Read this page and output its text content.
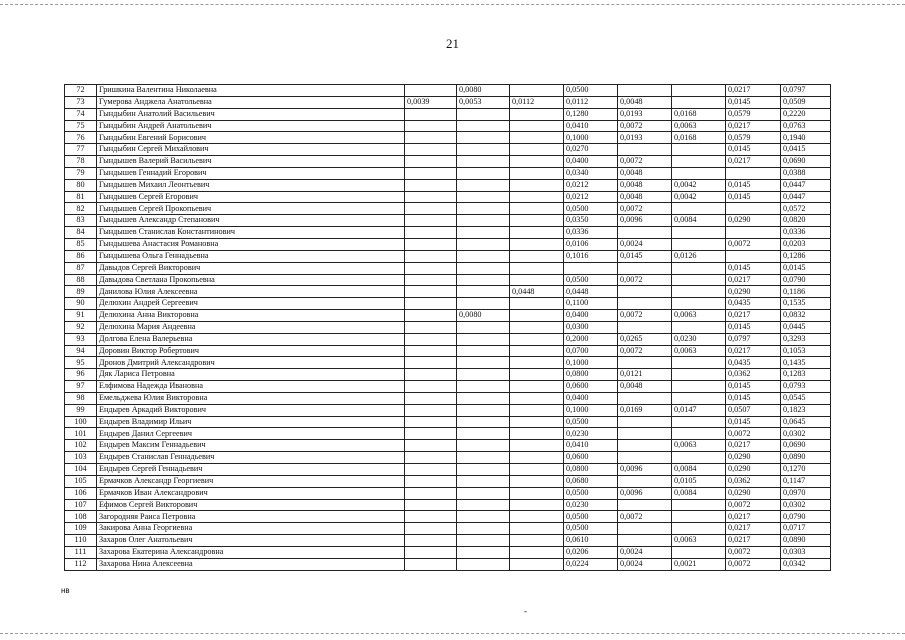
21
72	Гришкина Валентина Николаевна		0,0080		0,0500			0,0217	0,0797
73	Гумерова Анджела Анатольевна	0,0039	0,0053	0,0112	0,0112	0,0048		0,0145	0,0509
74	Гындыбин Анатолий Васильевич				0,1280	0,0193	0,0168	0,0579	0,2220
75	Гындыбин Андрей Анатольевич				0,0410	0,0072	0,0063	0,0217	0,0763
76	Гындыбин Евгений Борисович				0,1000	0,0193	0,0168	0,0579	0,1940
77	Гындыбин Сергей Михайлович				0,0270			0,0145	0,0415
78	Гындышев Валерий Васильевич				0,0400	0,0072		0,0217	0,0690
79	Гындышев Геннадий Егорович				0,0340	0,0048			0,0388
80	Гындышев Михаил Леонтьевич				0,0212	0,0048	0,0042	0,0145	0,0447
81	Гындышев Сергей Егорович				0,0212	0,0048	0,0042	0,0145	0,0447
82	Гындышев Сергей Прокопьевич				0,0500	0,0072			0,0572
83	Гындышев Александр Степанович				0,0350	0,0096	0,0084	0,0290	0,0820
84	Гындышев Станислав Константинович				0,0336				0,0336
85	Гындышева Анастасия Романовна				0,0106	0,0024		0,0072	0,0203
86	Гындышева Ольга Геннадьевна				0,1016	0,0145	0,0126		0,1286
87	Давыдов Сергей Викторович							0,0145	0,0145
88	Давыдова Светлана Прокопьевна				0,0500	0,0072		0,0217	0,0790
89	Данилова Юлия Алексеевна			0,0448	0,0448			0,0290	0,1186
90	Делюхин Андрей Сергеевич				0,1100			0,0435	0,1535
91	Делюхина Анна Викторовна		0,0080		0,0400	0,0072	0,0063	0,0217	0,0832
92	Делюхина Мария Андеевна				0,0300			0,0145	0,0445
93	Долгова Елена Валерьевна				0,2000	0,0265	0,0230	0,0797	0,3293
94	Доровин Виктор Робертович				0,0700	0,0072	0,0063	0,0217	0,1053
95	Дронов Дмитрий Александрович				0,1000			0,0435	0,1435
96	Дяк Лариса Петровна				0,0800	0,0121		0,0362	0,1283
97	Елфимова Надежда Ивановна				0,0600	0,0048		0,0145	0,0793
98	Емельджева Юлия Викторовна				0,0400			0,0145	0,0545
99	Ендырев Аркадий Викторович				0,1000	0,0169	0,0147	0,0507	0,1823
100	Ендырев Владимир Ильич				0,0500			0,0145	0,0645
101	Ендырев Данил Сергеевич				0,0230			0,0072	0,0302
102	Ендырев Максим Геннадьевич				0,0410		0,0063	0,0217	0,0690
103	Ендырев Станислав Геннадьевич				0,0600			0,0290	0,0890
104	Ендырев Сергей Геннадьевич				0,0800	0,0096	0,0084	0,0290	0,1270
105	Ермачков Александр Георгиевич				0,0680		0,0105	0,0362	0,1147
106	Ермачков Иван Александрович				0,0500	0,0096	0,0084	0,0290	0,0970
107	Ефимов Сергей Викторович				0,0230			0,0072	0,0302
108	Загородняя Раиса Петровна				0,0500	0,0072		0,0217	0,0790
109	Закирова Анна Георгиевна				0,0500			0,0217	0,0717
110	Захаров Олег Анатольевич				0,0610		0,0063	0,0217	0,0890
111	Захарова Екатерина Александровна				0,0206	0,0024		0,0072	0,0303
112	Захарова Нина Алексеевна				0,0224	0,0024	0,0021	0,0072	0,0342
нв
-
